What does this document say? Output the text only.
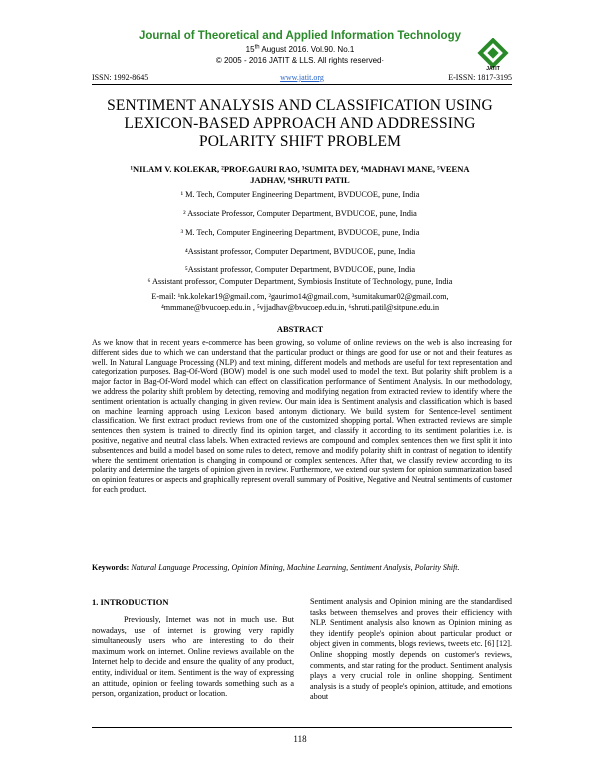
Journal of Theoretical and Applied Information Technology
15th August 2016. Vol.90. No.1
© 2005 - 2016 JATIT & LLS. All rights reserved·
JATIT
ISSN: 1992-8645	www.jatit.org	E-ISSN: 1817-3195
SENTIMENT ANALYSIS AND CLASSIFICATION USING
LEXICON-BASED APPROACH AND ADDRESSING
POLARITY SHIFT PROBLEM
¹NILAM V. KOLEKAR, ²PROF.GAURI RAO, ³SUMITA DEY, ⁴MADHAVI MANE, ⁵VEENA
JADHAV, ⁶SHRUTI PATIL
¹ M. Tech, Computer Engineering Department, BVDUCOE, pune, India
² Associate Professor, Computer Department, BVDUCOE, pune, India
³ M. Tech, Computer Engineering Department, BVDUCOE, pune, India
⁴Assistant professor, Computer Department, BVDUCOE, pune, India
⁵Assistant professor, Computer Department, BVDUCOE, pune, India
⁶ Assistant professor, Computer Department, Symbiosis Institute of Technology, pune, India
E-mail: ¹nk.kolekar19@gmail.com, ²gaurimo14@gmail.com, ³sumitakumar02@gmail.com,
⁴mmmane@bvucoep.edu.in , ⁵vjjadhav@bvucoep.edu.in, ⁶shruti.patil@sitpune.edu.in
ABSTRACT
As we know that in recent years e-commerce has been growing, so volume of online reviews on the web is also increasing for different sides due to which we can understand that the particular product or things are good for use or not and their features as well. In Natural Language Processing (NLP) and text mining, different models and methods are useful for text representation and categorization purposes. Bag-Of-Word (BOW) model is one such model used to model the text. But polarity shift problem is a major factor in Bag-Of-Word model which can effect on classification performance of Sentiment Analysis. In our methodology, we address the polarity shift problem by detecting, removing and modifying negation from extracted review to identify where the sentiment orientation is actually changing in given review. Our main idea is Sentiment analysis and classification which is based on machine learning approach using Lexicon based antonym dictionary. We build system for Sentence-level sentiment classification. We first extract product reviews from one of the customized shopping portal. When extracted reviews are simple sentences then system is trained to directly find its opinion target, and classify it according to its sentiment polarities i.e. is positive, negative and neutral class labels. When extracted reviews are compound and complex sentences then we first split it into subsentences and build a model based on some rules to detect, remove and modify polarity shift in contrast of negation to identify where the sentiment orientation is changing in compound or complex sentences. After that, we classify review according to its polarity and determine the targets of opinion given in review. Furthermore, we extend our system for opinion summarization based on opinion features or aspects and graphically represent overall summary of Positive, Negative and Neutral sentiments of customer for each product.
Keywords: Natural Language Processing, Opinion Mining, Machine Learning, Sentiment Analysis, Polarity Shift.
1. INTRODUCTION
Previously, Internet was not in much use. But nowadays, use of internet is growing very rapidly simultaneously users who are interesting to do their maximum work on internet. Online reviews available on the Internet help to decide and ensure the quality of any product, entity, individual or item. Sentiment is the way of expressing an attitude, opinion or feeling towards something such as a person, organization, product or location.
Sentiment analysis and Opinion mining are the standardised tasks between themselves and proves their efficiency with NLP. Sentiment analysis also known as Opinion mining as they identify people's opinion about particular product or object given in comments, blogs reviews, tweets etc. [6] [12]. Online shopping mostly depends on customer's reviews, comments, and star rating for the product. Sentiment analysis plays a very crucial role in online shopping. Sentiment analysis is a study of people's opinion, attitude, and emotions about
118
